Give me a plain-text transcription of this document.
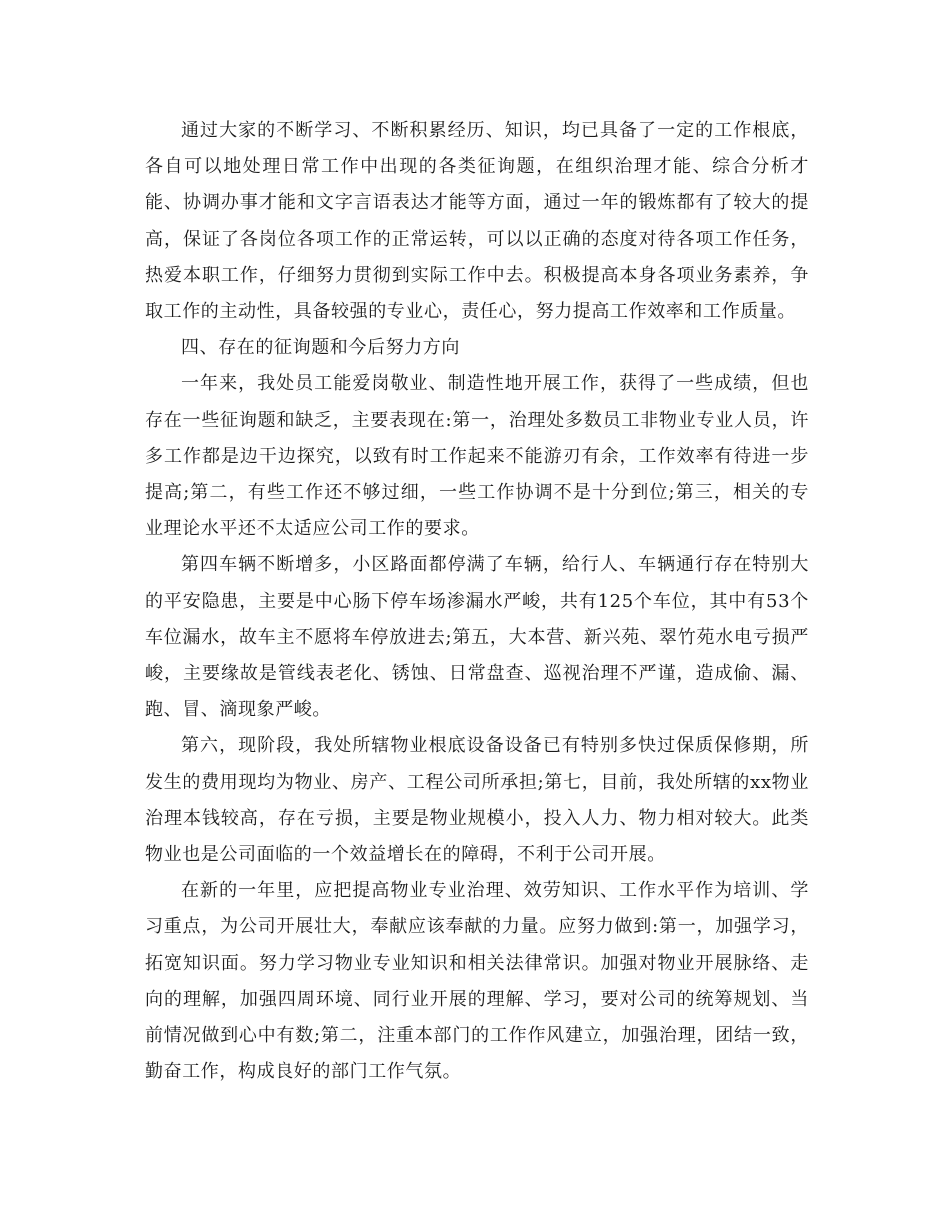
通过大家的不断学习、不断积累经历、知识，均已具备了一定的工作根底，各自可以地处理日常工作中出现的各类征询题，在组织治理才能、综合分析才能、协调办事才能和文字言语表达才能等方面，通过一年的锻炼都有了较大的提高，保证了各岗位各项工作的正常运转，可以以正确的态度对待各项工作任务，热爱本职工作，仔细努力贯彻到实际工作中去。积极提高本身各项业务素养，争取工作的主动性，具备较强的专业心，责任心，努力提高工作效率和工作质量。

四、存在的征询题和今后努力方向

一年来，我处员工能爱岗敬业、制造性地开展工作，获得了一些成绩，但也存在一些征询题和缺乏，主要表现在:第一，治理处多数员工非物业专业人员，许多工作都是边干边探究，以致有时工作起来不能游刃有余，工作效率有待进一步提高;第二，有些工作还不够过细，一些工作协调不是十分到位;第三，相关的专业理论水平还不太适应公司工作的要求。

第四车辆不断增多，小区路面都停满了车辆，给行人、车辆通行存在特别大的平安隐患，主要是中心肠下停车场渗漏水严峻，共有125个车位，其中有53个车位漏水，故车主不愿将车停放进去;第五，大本营、新兴苑、翠竹苑水电亏损严峻，主要缘故是管线表老化、锈蚀、日常盘查、巡视治理不严谨，造成偷、漏、跑、冒、滴现象严峻。

第六，现阶段，我处所辖物业根底设备设备已有特别多快过保质保修期，所发生的费用现均为物业、房产、工程公司所承担;第七，目前，我处所辖的xx物业治理本钱较高，存在亏损，主要是物业规模小，投入人力、物力相对较大。此类物业也是公司面临的一个效益增长在的障碍，不利于公司开展。

在新的一年里，应把提高物业专业治理、效劳知识、工作水平作为培训、学习重点，为公司开展壮大，奉献应该奉献的力量。应努力做到:第一，加强学习，拓宽知识面。努力学习物业专业知识和相关法律常识。加强对物业开展脉络、走向的理解，加强四周环境、同行业开展的理解、学习，要对公司的统筹规划、当前情况做到心中有数;第二，注重本部门的工作作风建立，加强治理，团结一致，勤奋工作，构成良好的部门工作气氛。
